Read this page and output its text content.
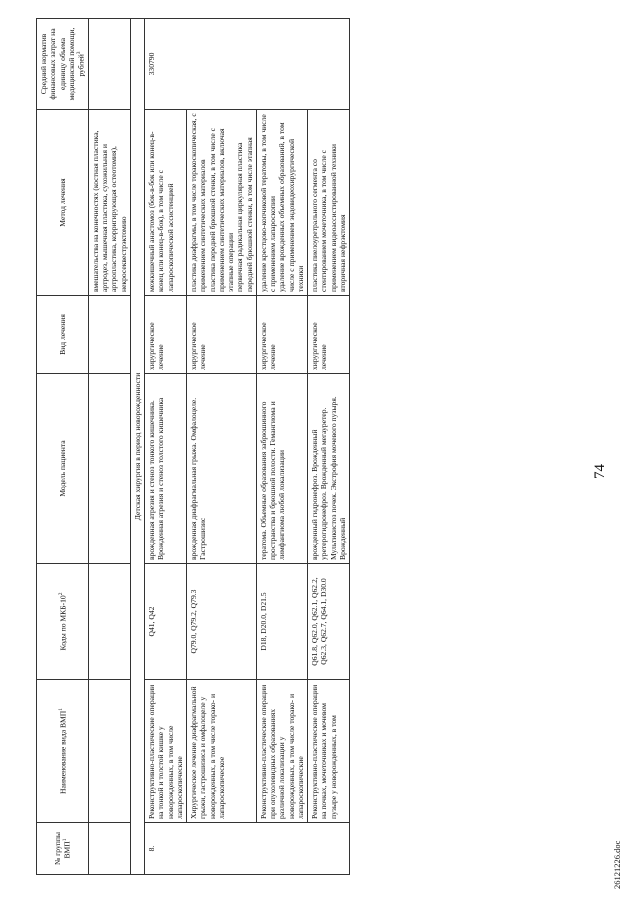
74
№ группы ВМП$^1$	Наименование вида ВМП$^1$	Коды по МКБ-$10^2$	Модель пациента	Вид лечения	Метод лечения	Средний норматив финансовых затрат на единицу объема медицинской помощи, рублей$^3$
					вмешательства на конечностях (костная пластика, артродез, мышечная пластика, сухожильная и артропластика, корригирующая остеотомия), некросеквестрэктомию	
Детская хирургия в период новорожденности						
8.	Реконструктивно-пластические операции на тонкой и толстой кишке у новорожденных, в том числе лапароскопические	Q41, Q42	врожденная атрезия и стеноз тонкого кишечника. Врожденная атрезия и стеноз толстого кишечника	хирургическое лечение	межкишечный анастомоз (бок-в-бок или конец-в-конец или конец-в-бок), в том числе с лапароскопической ассистенцией	330790
	Хирургическое лечение диафрагмальной грыжи, гастрошизиса и омфалоцеле у новорожденных, в том числе торако- и лапароскопическое	Q79.0, Q79.2, Q79.3	врожденная диафрагмальная грыжа. Омфалоцеле. Гастрошизис	хирургическое лечение	пластика диафрагмы, в том числе торакоскопическая, с применением синтетических материалов пластика передней брюшной стенки, в том числе с применением синтетических материалов, включая этапные операции первичная радикальная циркулярная пластика передней брюшной стенки, в том числе этапная	

	Реконструктивно-пластические операции при опухолевидных образованиях различной локализации у новорожденных, в том числе торако- и лапароскопические	D18, D20.0, D21.5	тератома. Объемные образования забрюшинного пространства и брюшной полости. Гемангиома и лимфангиома любой локализации	хирургическое лечение	удаление крестцово-копчиковой тератомы, в том числе с применением лапароскопии удаление врожденных объемных образований, в том числе с применением эндовидеохирургической техники	

	Реконструктивно-пластические операции на почках, мочеточниках и мочевом пузыре у новорожденных, в том	Q61.8, Q62.0, Q62.1, Q62.2, Q62.3, Q62.7, Q64.1, D30.0	врожденный гидронефроз. Врожденный уретерогидронефроз. Врожденный мегауретер. Мультикистоз почек. Экстрофия мочевого пузыря. Врожденный	хирургическое лечение	пластика пиелоуретрального сегмента со стентированием мочеточника, в том числе с применением видеоассистированной техники вторичная нефрэктомия	

26121226.doc
